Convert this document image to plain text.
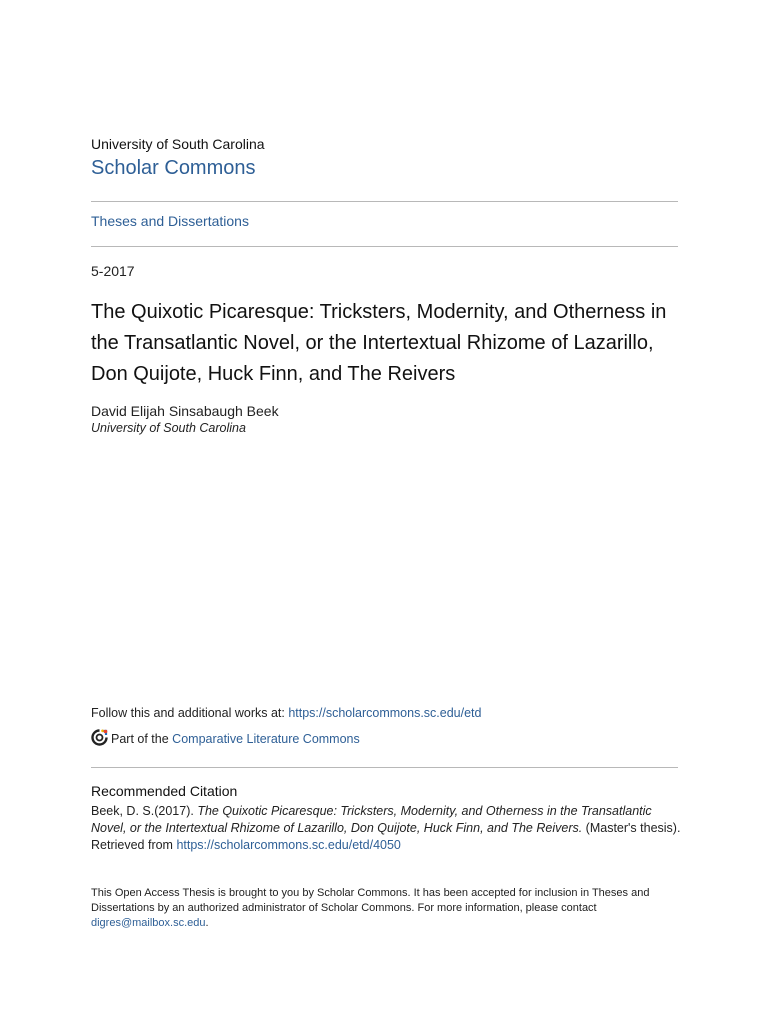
University of South Carolina
Scholar Commons
Theses and Dissertations
5-2017
The Quixotic Picaresque: Tricksters, Modernity, and Otherness in the Transatlantic Novel, or the Intertextual Rhizome of Lazarillo, Don Quijote, Huck Finn, and The Reivers
David Elijah Sinsabaugh Beek
University of South Carolina
Follow this and additional works at: https://scholarcommons.sc.edu/etd
Part of the
Comparative Literature Commons
Recommended Citation
Beek, D. S.(2017). The Quixotic Picaresque: Tricksters, Modernity, and Otherness in the Transatlantic Novel, or the Intertextual Rhizome of Lazarillo, Don Quijote, Huck Finn, and The Reivers. (Master's thesis). Retrieved from https://scholarcommons.sc.edu/etd/4050
This Open Access Thesis is brought to you by Scholar Commons. It has been accepted for inclusion in Theses and Dissertations by an authorized administrator of Scholar Commons. For more information, please contact digres@mailbox.sc.edu.
